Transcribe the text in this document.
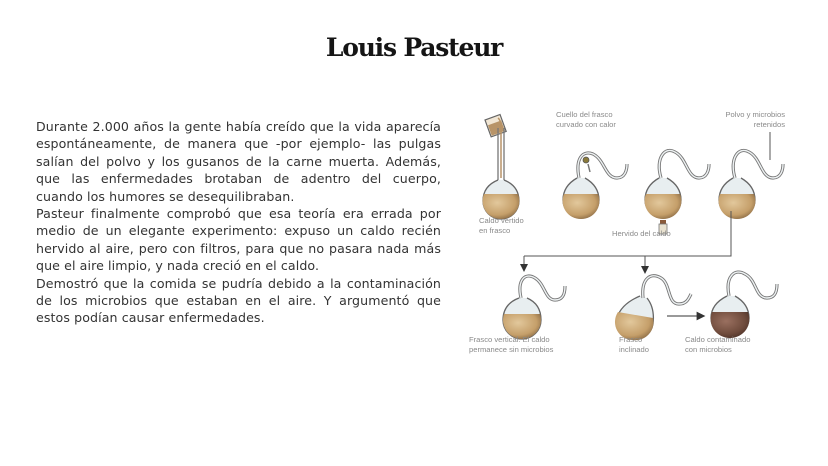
Louis Pasteur

Durante 2.000 años la gente había creído que la vida aparecía espontáneamente, de manera que -por ejemplo- las pulgas salían del polvo y los gusanos de la carne muerta. Además, que las enfermedades brotaban de adentro del cuerpo, cuando los humores se desequilibraban.

Pasteur finalmente comprobó que esa teoría era errada por medio de un elegante experimento: expuso un caldo recién hervido al aire, pero con filtros, para que no pasara nada más que el aire limpio, y nada creció en el caldo.

Demostró que la comida se pudría debido a la contaminación de los microbios que estaban en el aire. Y argumentó que estos podían causar enfermedades.

Caldo vertido
en frasco
Cuello del frasco
curvado con calor
Hervido del caldo
Polvo y microbios
retenidos
Frasco vertical. El caldo
permanece sin microbios
Frasco
inclinado
Caldo contaminado
con microbios
